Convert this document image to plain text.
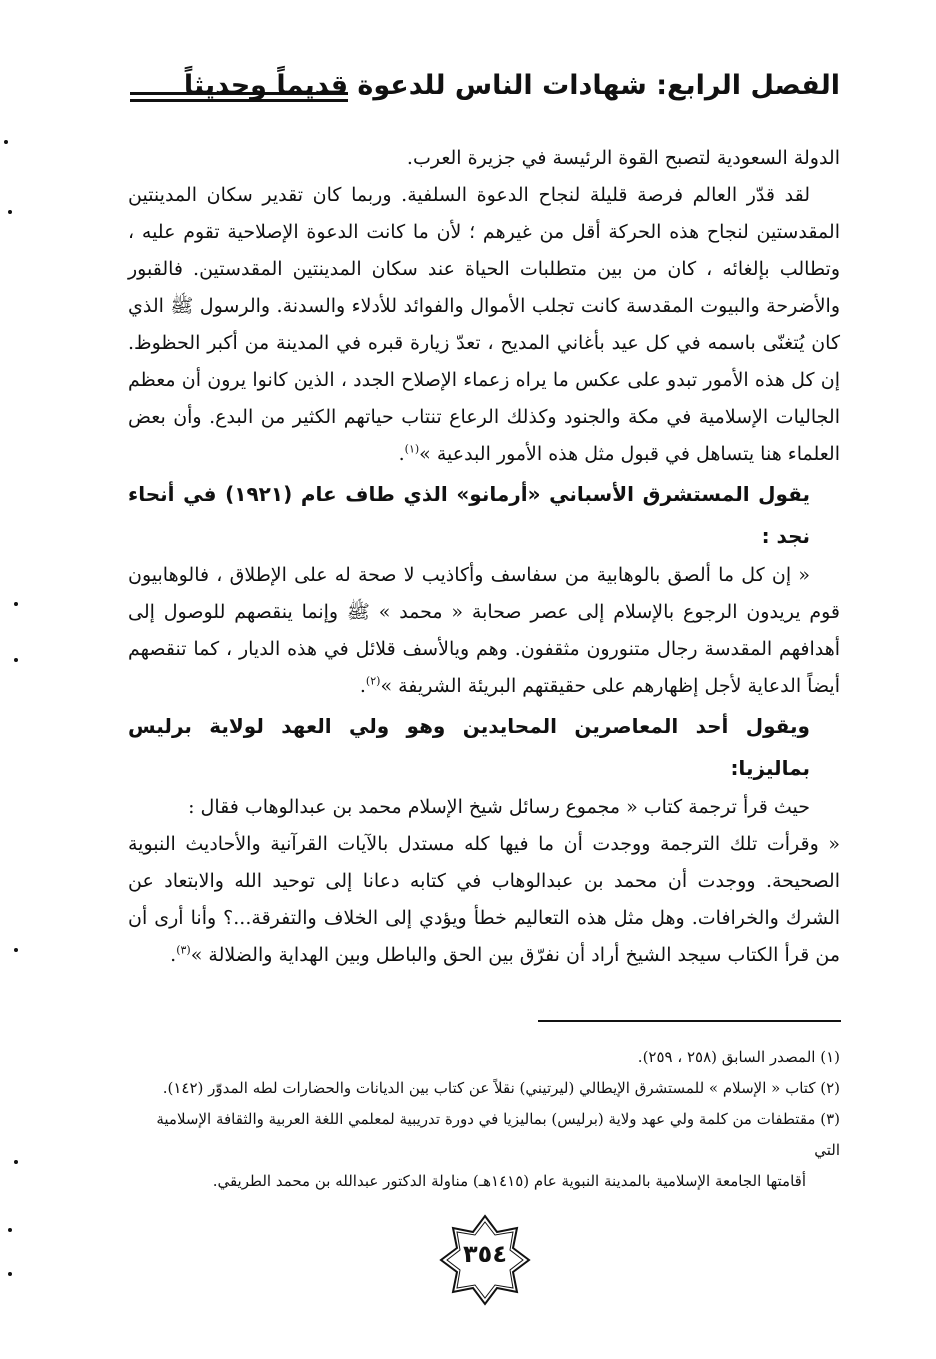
الفصل الرابع: شهادات الناس للدعوة قديماً وحديثاً

الدولة السعودية لتصبح القوة الرئيسة في جزيرة العرب.

لقد قدّر العالم فرصة قليلة لنجاح الدعوة السلفية. وربما كان تقدير سكان المدينتين المقدستين لنجاح هذه الحركة أقل من غيرهم ؛ لأن ما كانت الدعوة الإصلاحية تقوم عليه ، وتطالب بإلغائه ، كان من بين متطلبات الحياة عند سكان المدينتين المقدستين. فالقبور والأضرحة والبيوت المقدسة كانت تجلب الأموال والفوائد للأدلاء والسدنة. والرسول ﷺ الذي كان يُتغنّى باسمه في كل عيد بأغاني المديح ، تعدّ زيارة قبره في المدينة من أكبر الحظوظ. إن كل هذه الأمور تبدو على عكس ما يراه زعماء الإصلاح الجدد ، الذين كانوا يرون أن معظم الجاليات الإسلامية في مكة والجنود وكذلك الرعاع تنتاب حياتهم الكثير من البدع. وأن بعض العلماء هنا يتساهل في قبول مثل هذه الأمور البدعية »$^{(١)}$.

يقول المستشرق الأسباني «أرمانو» الذي طاف عام (١٩٢١) في أنحاء نجد :

« إن كل ما ألصق بالوهابية من سفاسف وأكاذيب لا صحة له على الإطلاق ، فالوهابيون قوم يريدون الرجوع بالإسلام إلى عصر صحابة « محمد » ﷺ وإنما ينقصهم للوصول إلى أهدافهم المقدسة رجال متنورون مثقفون. وهم ويالأسف قلائل في هذه الديار ، كما تنقصهم أيضاً الدعاية لأجل إظهارهم على حقيقتهم البريئة الشريفة »$^{(٢)}$.

ويقول أحد المعاصرين المحايدين وهو ولي العهد لولاية برليس بماليزيا:

حيث قرأ ترجمة كتاب « مجموع رسائل شيخ الإسلام محمد بن عبدالوهاب فقال :

« وقرأت تلك الترجمة ووجدت أن ما فيها كله مستدل بالآيات القرآنية والأحاديث النبوية الصحيحة. ووجدت أن محمد بن عبدالوهاب في كتابه دعانا إلى توحيد الله والابتعاد عن الشرك والخرافات. وهل مثل هذه التعاليم خطأ ويؤدي إلى الخلاف والتفرقة...؟ وأنا أرى أن من قرأ الكتاب سيجد الشيخ أراد أن نفرّق بين الحق والباطل وبين الهداية والضلالة »$^{(٣)}$.

(١) المصدر السابق (٢٥٨ ، ٢٥٩).

(٢) كتاب « الإسلام » للمستشرق الإيطالي (ليرتيني) نقلاً عن كتاب بين الديانات والحضارات لطه المدوّر (١٤٢).

(٣) مقتطفات من كلمة ولي عهد ولاية (برليس) بماليزيا في دورة تدريبية لمعلمي اللغة العربية والثقافة الإسلامية التي

أقامتها الجامعة الإسلامية بالمدينة النبوية عام (١٤١٥هـ) مناولة الدكتور عبدالله بن محمد الطريقي.

٣٥٤
